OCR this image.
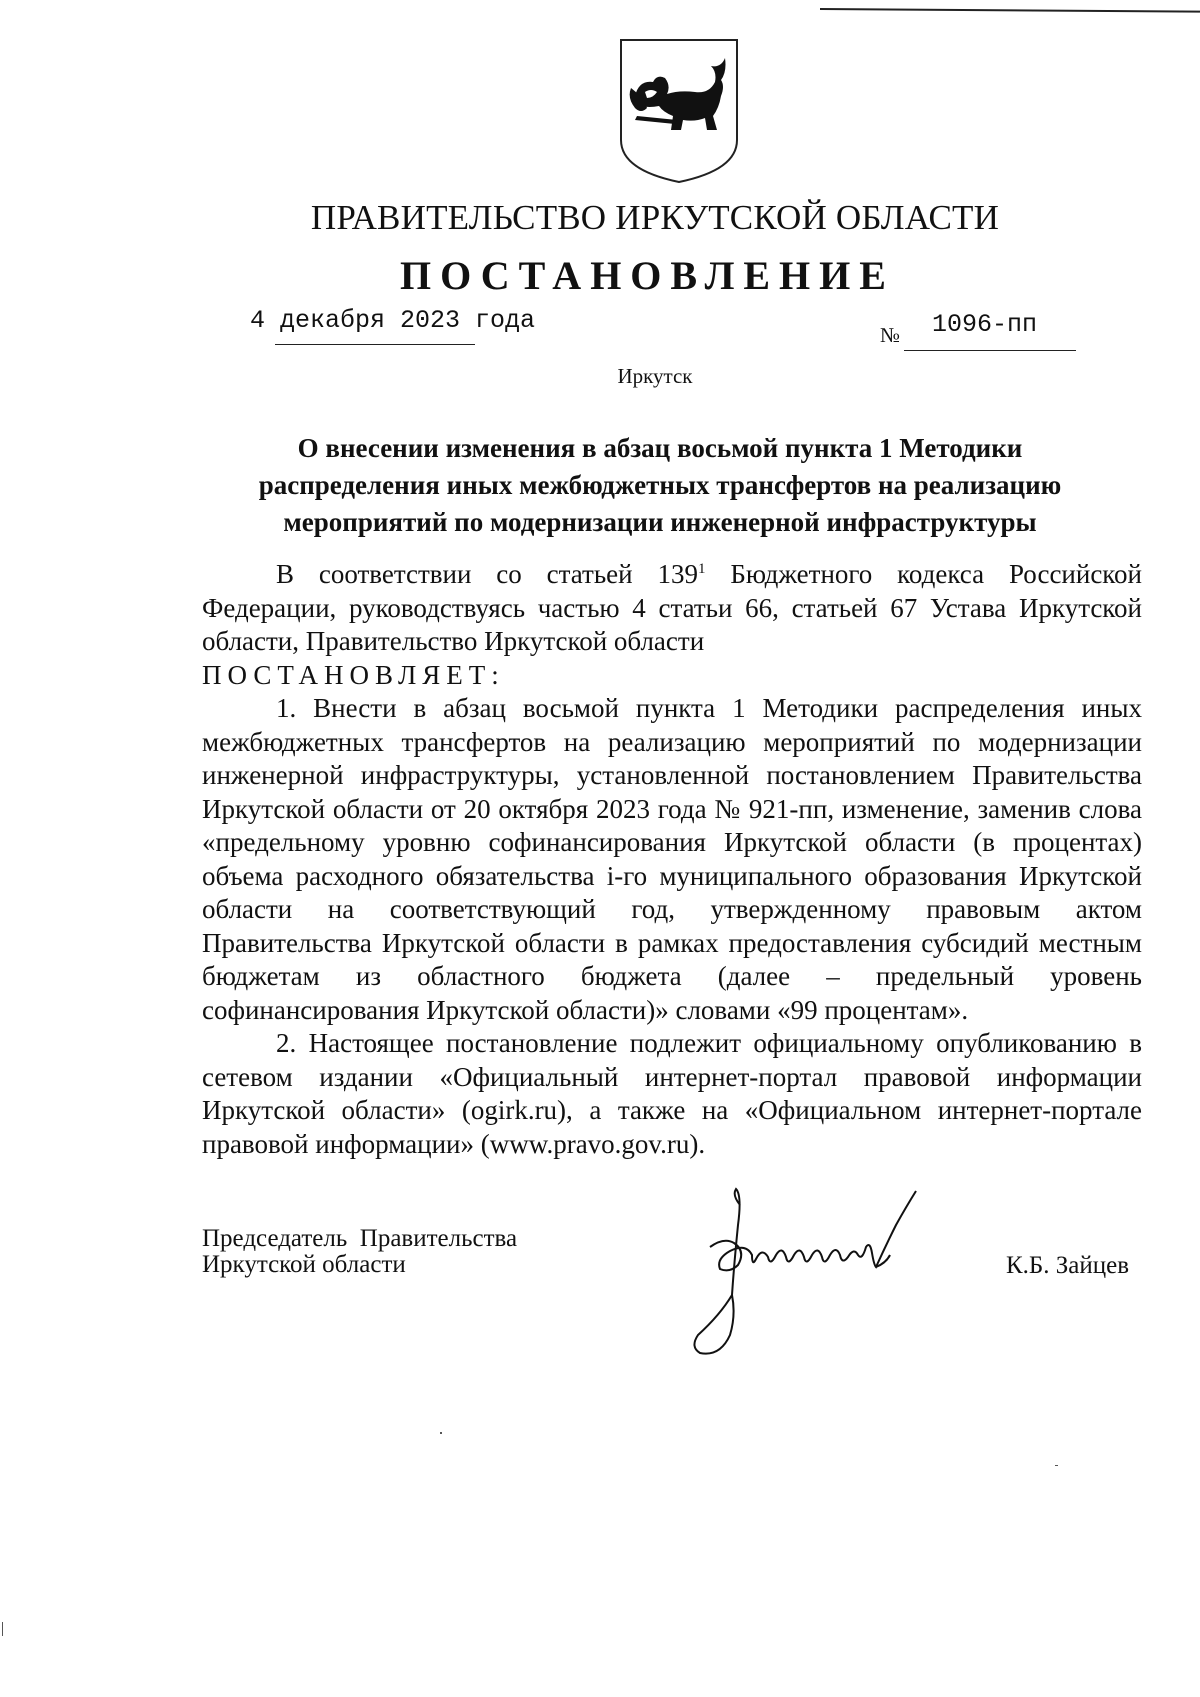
ПРАВИТЕЛЬСТВО ИРКУТСКОЙ ОБЛАСТИ
ПОСТАНОВЛЕНИЕ
4 декабря 2023 года	№ 1096-пп
Иркутск
О внесении изменения в абзац восьмой пункта 1 Методики распределения иных межбюджетных трансфертов на реализацию мероприятий по модернизации инженерной инфраструктуры

В соответствии со статьей $139^1$ Бюджетного кодекса Российской Федерации, руководствуясь частью 4 статьи 66, статьей 67 Устава Иркутской области, Правительство Иркутской области

ПОСТАНОВЛЯЕТ:

1. Внести в абзац восьмой пункта 1 Методики распределения иных межбюджетных трансфертов на реализацию мероприятий по модернизации инженерной инфраструктуры, установленной постановлением Правительства Иркутской области от 20 октября 2023 года № 921-пп, изменение, заменив слова «предельному уровню софинансирования Иркутской области (в процентах) объема расходного обязательства i-го муниципального образования Иркутской области на соответствующий год, утвержденному правовым актом Правительства Иркутской области в рамках предоставления субсидий местным бюджетам из областного бюджета (далее – предельный уровень софинансирования Иркутской области)» словами «99 процентам».

2. Настоящее постановление подлежит официальному опубликованию в сетевом издании «Официальный интернет-портал правовой информации Иркутской области» (ogirk.ru), а также на «Официальном интернет-портале правовой информации» (www.pravo.gov.ru).

Председатель  Правительства
Иркутской области	К.Б. Зайцев
